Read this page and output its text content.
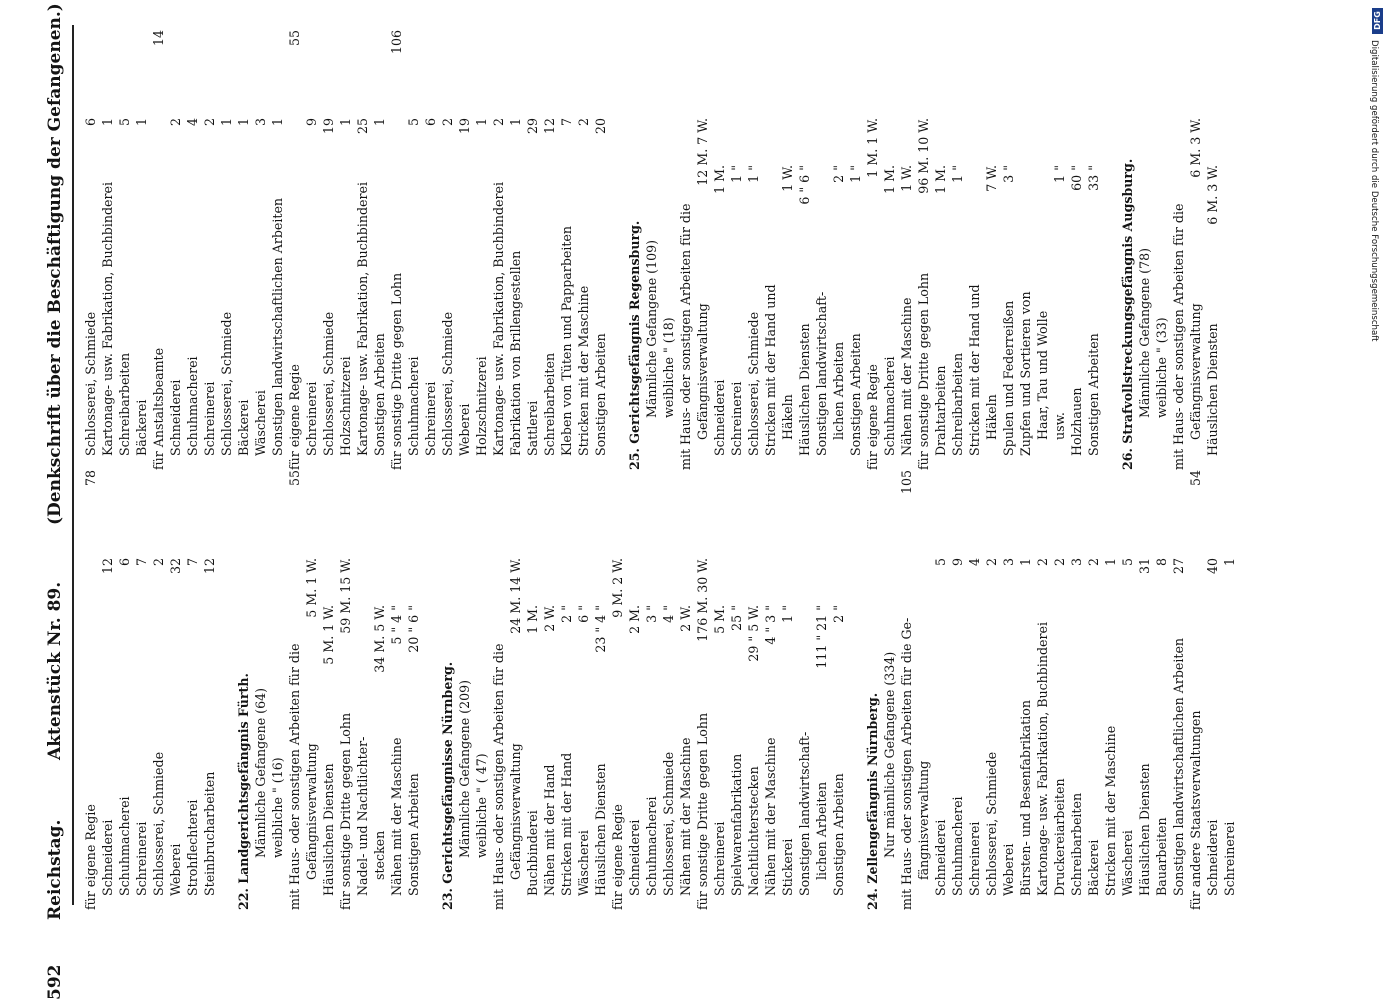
592
Reichstag.
Aktenstück Nr. 89.
(Denkschrift über die Beschäftigung der Gefangenen.)
für eigene Regie
78
Schneiderei
12
Schuhmacherei
6
Schreinerei
7
Schlosserei, Schmiede
2
Weberei
32
Strohflechterei
7
Steinbrucharbeiten
12
22. Landgerichtsgefängnis Fürth. Männliche Gefangene (64) weibliche " (16) mit Haus- oder sonstigen Arbeiten für die
55
Gefängnisverwaltung
5 M. 1 W.
Häuslichen Diensten
5 M. 1 W.
für sonstige Dritte gegen Lohn
59 M. 15 W.
Nadel- und Nachtlichter- stecken
34 M. 5 W.
Nähen mit der Maschine
5 " 4 "
Sonstigen Arbeiten
20 " 6 "
23. Gerichtsgefängnisse Nürnberg. Männliche Gefangene (209) weibliche " ( 47) mit Haus- oder sonstigen Arbeiten für die Gefängnisverwaltung
24 M. 14 W.
Buchbinderei
1 M.
Nähen mit der Hand
2 W.
Stricken mit der Hand
2 "
Wäscherei
6 "
Häuslichen Diensten
23 " 4 "
für eigene Regie
9 M. 2 W.
Schneiderei
2 M.
Schuhmacherei
3 "
Schlosserei, Schmiede
4 "
Nähen mit der Maschine
2 W.
für sonstige Dritte gegen Lohn
176 M. 30 W.
Schreinerei
5 M.
Spielwarenfabrikation
25 "
Nachtlichterstecken
29 " 5 W.
Nähen mit der Maschine
4 " 3 "
Stickerei
1 "
Sonstigen landwirtschaft- lichen Arbeiten
111 " 21 "
Sonstigen Arbeiten
2 "
24. Zellengefängnis Nürnberg. Nur männliche Gefangene (334) mit Haus- oder sonstigen Arbeiten für die Ge-
105
fängnisverwaltung Schneiderei
5
Schuhmacherei
9
Schreinerei
4
Schlosserei, Schmiede
2
Weberei
3
Bürsten- und Besenfabrikation
1
Kartonage- usw. Fabrikation, Buchbinderei
2
Druckereiarbeiten
2
Schreibarbeiten
3
Bäckerei
2
Stricken mit der Maschine
1
Wäscherei
5
Häuslichen Diensten
31
Bauarbeiten
8
Sonstigen landwirtschaftlichen Arbeiten
27
für andere Staatsverwaltungen
54
Schneiderei
40
Schreinerei
1
Schlosserei, Schmiede
6
Kartonage- usw. Fabrikation, Buchbinderei
1
Schreibarbeiten
5
Bäckerei
1
für Anstaltsbeamte
14
Schneiderei
2
Schuhmacherei
4
Schreinerei
2
Schlosserei, Schmiede
1
Bäckerei
1
Wäscherei
3
Sonstigen landwirtschaftlichen Arbeiten
1
für eigene Regie
55
Schreinerei
9
Schlosserei, Schmiede
19
Holzschnitzerei
1
Kartonage- usw. Fabrikation, Buchbinderei
25
Sonstigen Arbeiten
1
für sonstige Dritte gegen Lohn
106
Schuhmacherei
5
Schreinerei
6
Schlosserei, Schmiede
2
Weberei
19
Holzschnitzerei
1
Kartonage- usw. Fabrikation, Buchbinderei
2
Fabrikation von Brillengestellen
1
Sattlerei
29
Schreibarbeiten
12
Kleben von Tüten und Papparbeiten
7
Stricken mit der Maschine
2
Sonstigen Arbeiten
20
25. Gerichtsgefängnis Regensburg. Männliche Gefangene (109) weibliche " (18) mit Haus- oder sonstigen Arbeiten für die Gefängnisverwaltung
12 M. 7 W.
Schneiderei
1 M.
Schreinerei
1 "
Schlosserei, Schmiede
1 "
Stricken mit der Hand und Häkeln
1 W.
Häuslichen Diensten
6 " 6 "
Sonstigen landwirtschaft- lichen Arbeiten
2 "
Sonstigen Arbeiten
1 "
für eigene Regie
1 M. 1 W.
Schuhmacherei
1 M.
Nähen mit der Maschine
1 W.
für sonstige Dritte gegen Lohn
96 M. 10 W.
Drahtarbeiten
1 M.
Schreibarbeiten
1 "
Stricken mit der Hand und Häkeln
7 W.
Spulen und Federreißen
3 "
Zupfen und Sortieren von Haar, Tau und Wolle usw.
1 "
Holzhauen
60 "
Sonstigen Arbeiten
33 " 26. Strafvollstreckungsgefängnis Augsburg. Männliche Gefangene (78) weibliche " (33) mit Haus- oder sonstigen Arbeiten für die Gefängnisverwaltung
6 M. 3 W.
Häuslichen Diensten
6 M. 3 W.
DFG
Digitalisierung gefördert durch die Deutsche Forschungsgemeinschaft
